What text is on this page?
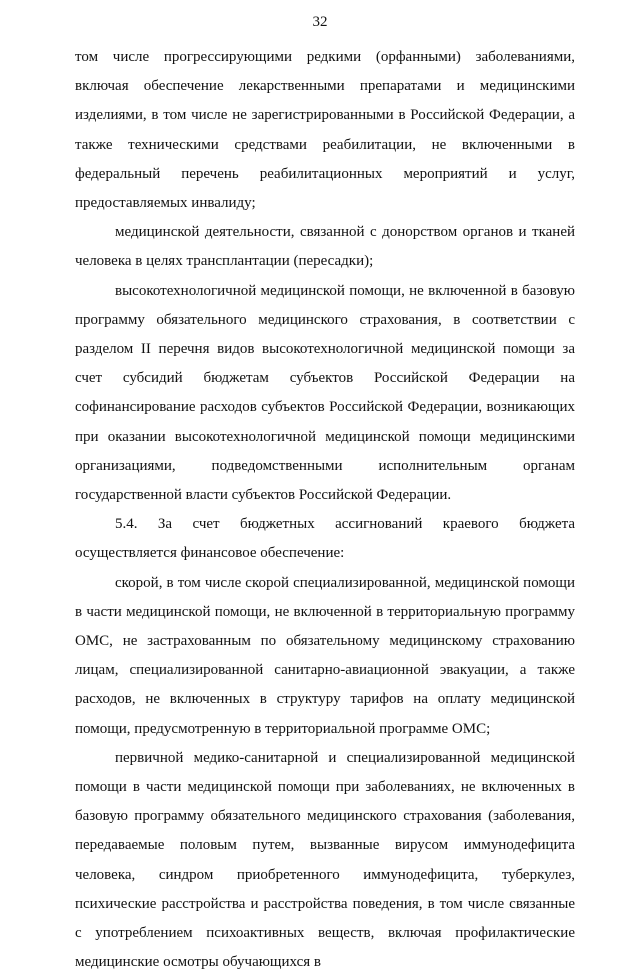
32

том числе прогрессирующими редкими (орфанными) заболеваниями, включая обеспечение лекарственными препаратами и медицинскими изделиями, в том числе не зарегистрированными в Российской Федерации, а также техническими средствами реабилитации, не включенными в федеральный перечень реабилитационных мероприятий и услуг, предоставляемых инвалиду;

медицинской деятельности, связанной с донорством органов и тканей человека в целях трансплантации (пересадки);

высокотехнологичной медицинской помощи, не включенной в базовую программу обязательного медицинского страхования, в соответствии с разделом II перечня видов высокотехнологичной медицинской помощи за счет субсидий бюджетам субъектов Российской Федерации на софинансирование расходов субъектов Российской Федерации, возникающих при оказании высокотехнологичной медицинской помощи медицинскими организациями, подведомственными исполнительным органам государственной власти субъектов Российской Федерации.

5.4. За счет бюджетных ассигнований краевого бюджета осуществляется финансовое обеспечение:

скорой, в том числе скорой специализированной, медицинской помощи в части медицинской помощи, не включенной в территориальную программу ОМС, не застрахованным по обязательному медицинскому страхованию лицам, специализированной санитарно-авиационной эвакуации, а также расходов, не включенных в структуру тарифов на оплату медицинской помощи, предусмотренную в территориальной программе ОМС;

первичной медико-санитарной и специализированной медицинской помощи в части медицинской помощи при заболеваниях, не включенных в базовую программу обязательного медицинского страхования (заболевания, передаваемые половым путем, вызванные вирусом иммунодефицита человека, синдром приобретенного иммунодефицита, туберкулез, психические расстройства и расстройства поведения, в том числе связанные с употреблением психоактивных веществ, включая профилактические медицинские осмотры обучающихся в
